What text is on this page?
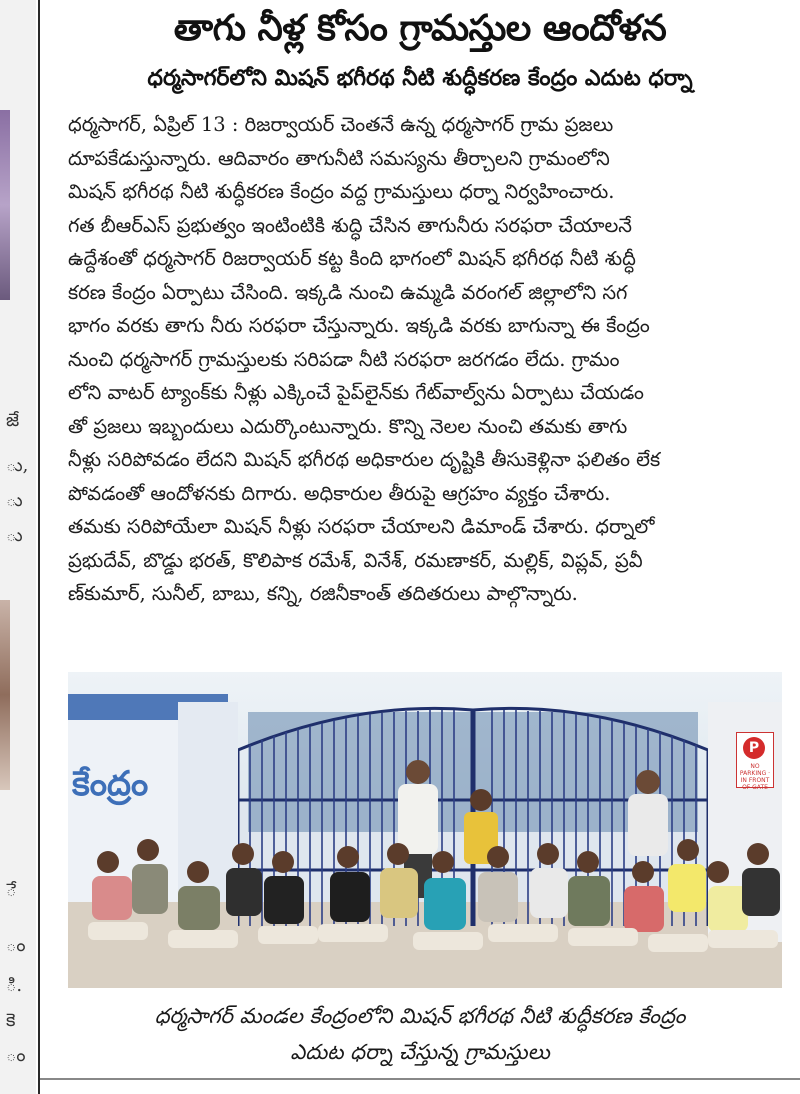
జే
ు,
ు
ు
ే
ం
ి.
కె
ం
తాగు నీళ్ల కోసం గ్రామస్తుల ఆందోళన
ధర్మసాగర్‌లోని మిషన్ భగీరథ నీటి శుద్ధీకరణ కేంద్రం ఎదుట ధర్నా
ధర్మసాగర్, ఏప్రిల్ 13 : రిజర్వాయర్ చెంతనే ఉన్న ధర్మసాగర్ గ్రామ ప్రజలు
దూపకేడుస్తున్నారు. ఆదివారం తాగునీటి సమస్యను తీర్చాలని గ్రామంలోని
మిషన్ భగీరథ నీటి శుద్ధీకరణ కేంద్రం వద్ద గ్రామస్తులు ధర్నా నిర్వహించారు.
గత బీఆర్ఎస్ ప్రభుత్వం ఇంటింటికి శుద్ధి చేసిన తాగునీరు సరఫరా చేయాలనే
ఉద్దేశంతో ధర్మసాగర్ రిజర్వాయర్ కట్ట కింది భాగంలో మిషన్ భగీరథ నీటి శుద్ధీ
కరణ కేంద్రం ఏర్పాటు చేసింది. ఇక్కడి నుంచి ఉమ్మడి వరంగల్ జిల్లాలోని సగ
భాగం వరకు తాగు నీరు సరఫరా చేస్తున్నారు. ఇక్కడి వరకు బాగున్నా ఈ కేంద్రం
నుంచి ధర్మసాగర్ గ్రామస్తులకు సరిపడా నీటి సరఫరా జరగడం లేదు. గ్రామం
లోని వాటర్ ట్యాంక్‌కు నీళ్లు ఎక్కించే పైప్‌లైన్‌కు గేట్‌వాల్వ్‌ను ఏర్పాటు చేయడం
తో ప్రజలు ఇబ్బందులు ఎదుర్కొంటున్నారు. కొన్ని నెలల నుంచి తమకు తాగు
నీళ్లు సరిపోవడం లేదని మిషన్ భగీరథ అధికారుల దృష్టికి తీసుకెళ్లినా ఫలితం లేక
పోవడంతో ఆందోళనకు దిగారు. అధికారుల తీరుపై ఆగ్రహం వ్యక్తం చేశారు.
తమకు సరిపోయేలా మిషన్ నీళ్లు సరఫరా చేయాలని డిమాండ్ చేశారు. ధర్నాలో
ప్రభుదేవ్, బొడ్డు భరత్, కొలిపాక రమేశ్, వినేశ్, రమణాకర్, మల్లిక్, విప్లవ్, ప్రవీ
ణ్‌కుమార్, సునీల్, బాబు, కన్ని, రజినీకాంత్ తదితరులు పాల్గొన్నారు.
కేంద్రం
P
NO PARKING · IN FRONT OF GATE
ధర్మసాగర్ మండల కేంద్రంలోని మిషన్ భగీరథ నీటి శుద్ధీకరణ కేంద్రం
ఎదుట ధర్నా చేస్తున్న గ్రామస్తులు
